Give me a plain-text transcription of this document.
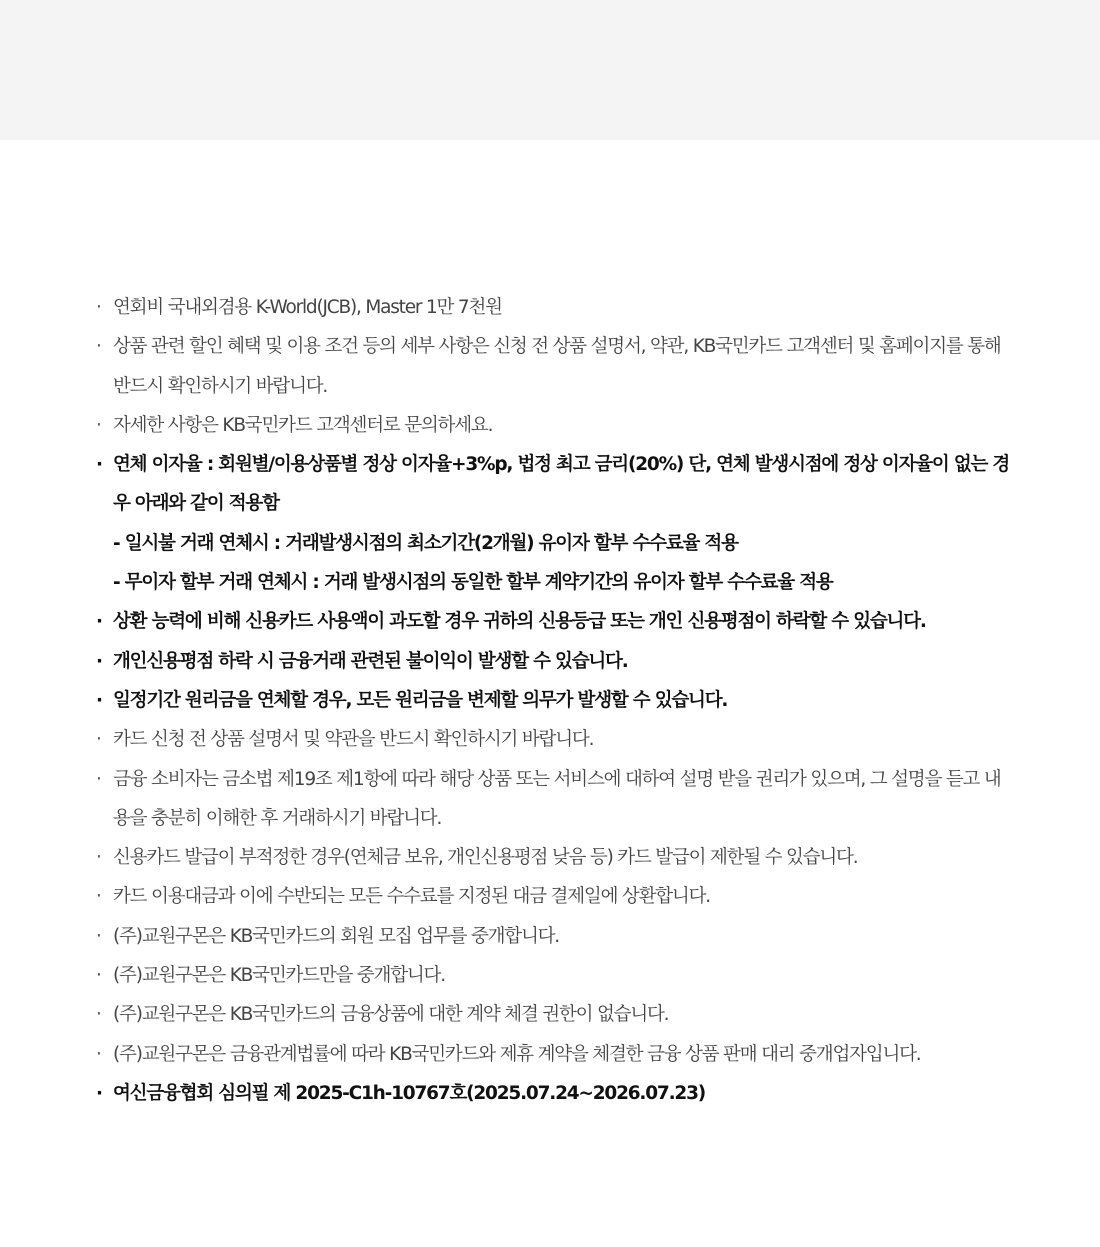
· 연회비 국내외겸용 K-World(JCB), Master 1만 7천원
· 상품 관련 할인 혜택 및 이용 조건 등의 세부 사항은 신청 전 상품 설명서, 약관, KB국민카드 고객센터 및 홈페이지를 통해 반드시 확인하시기 바랍니다.
· 자세한 사항은 KB국민카드 고객센터로 문의하세요.
· 연체 이자율 : 회원별/이용상품별 정상 이자율+3%p, 법정 최고 금리(20%) 단, 연체 발생시점에 정상 이자율이 없는 경우 아래와 같이 적용함
- 일시불 거래 연체시 : 거래발생시점의 최소기간(2개월) 유이자 할부 수수료율 적용
- 무이자 할부 거래 연체시 : 거래 발생시점의 동일한 할부 계약기간의 유이자 할부 수수료율 적용
· 상환 능력에 비해 신용카드 사용액이 과도할 경우 귀하의 신용등급 또는 개인 신용평점이 하락할 수 있습니다.
· 개인신용평점 하락 시 금융거래 관련된 불이익이 발생할 수 있습니다.
· 일정기간 원리금을 연체할 경우, 모든 원리금을 변제할 의무가 발생할 수 있습니다.
· 카드 신청 전 상품 설명서 및 약관을 반드시 확인하시기 바랍니다.
· 금융 소비자는 금소법 제19조 제1항에 따라 해당 상품 또는 서비스에 대하여 설명 받을 권리가 있으며, 그 설명을 듣고 내용을 충분히 이해한 후 거래하시기 바랍니다.
· 신용카드 발급이 부적정한 경우(연체금 보유, 개인신용평점 낮음 등) 카드 발급이 제한될 수 있습니다.
· 카드 이용대금과 이에 수반되는 모든 수수료를 지정된 대금 결제일에 상환합니다.
· (주)교원구몬은 KB국민카드의 회원 모집 업무를 중개합니다.
· (주)교원구몬은 KB국민카드만을 중개합니다.
· (주)교원구몬은 KB국민카드의 금융상품에 대한 계약 체결 권한이 없습니다.
· (주)교원구몬은 금융관계법률에 따라 KB국민카드와 제휴 계약을 체결한 금융 상품 판매 대리 중개업자입니다.
· 여신금융협회 심의필 제 2025-C1h-10767호(2025.07.24~2026.07.23)
